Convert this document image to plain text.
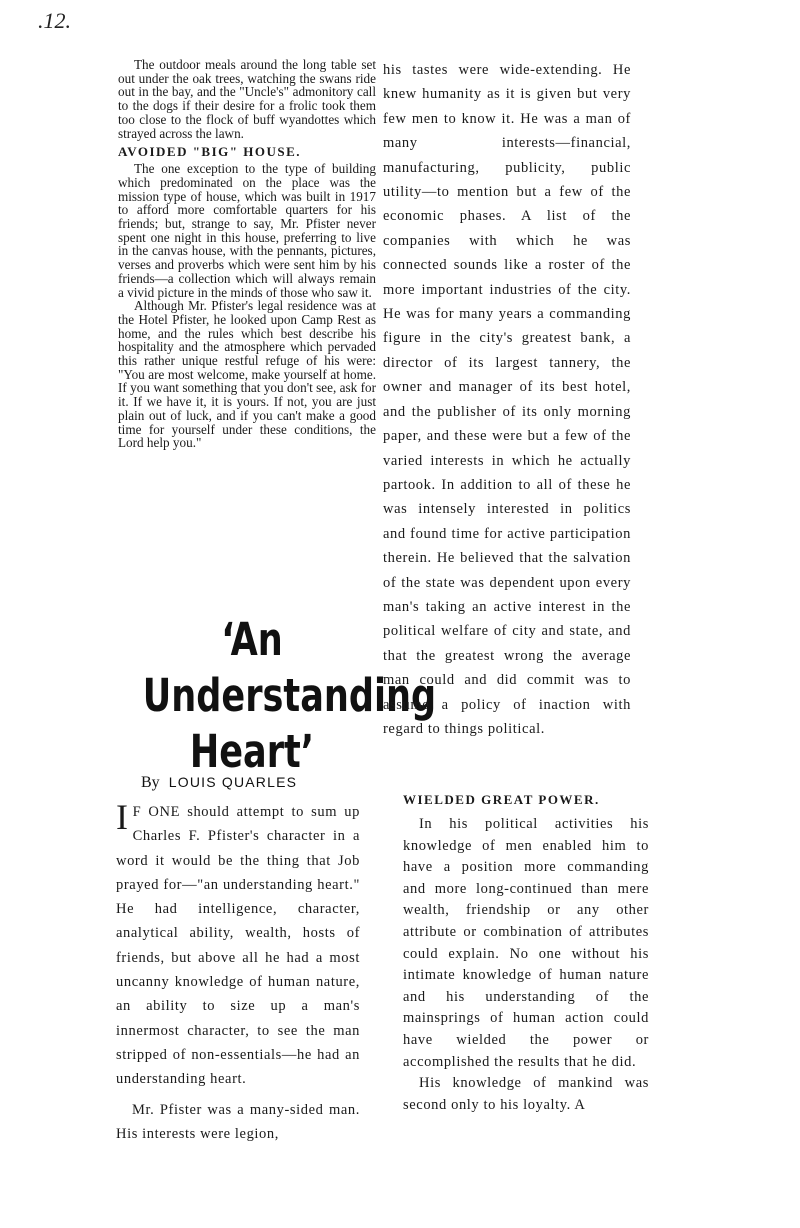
.12.

The outdoor meals around the long table set out under the oak trees, watching the swans ride out in the bay, and the "Uncle's" admonitory call to the dogs if their desire for a frolic took them too close to the flock of buff wyandottes which strayed across the lawn.

AVOIDED "BIG" HOUSE.

The one exception to the type of building which predominated on the place was the mission type of house, which was built in 1917 to afford more comfortable quarters for his friends; but, strange to say, Mr. Pfister never spent one night in this house, preferring to live in the canvas house, with the pennants, pictures, verses and proverbs which were sent him by his friends—a collection which will always remain a vivid picture in the minds of those who saw it.

Although Mr. Pfister's legal residence was at the Hotel Pfister, he looked upon Camp Rest as home, and the rules which best describe his hospitality and the atmosphere which pervaded this rather unique restful refuge of his were: "You are most welcome, make yourself at home. If you want something that you don't see, ask for it. If we have it, it is yours. If not, you are just plain out of luck, and if you can't make a good time for yourself under these conditions, the Lord help you."

‘An
Understanding
Heart’
By LOUIS QUARLES

his tastes were wide-extending. He knew humanity as it is given but very few men to know it. He was a man of many interests—financial, manufacturing, publicity, public utility—to mention but a few of the economic phases. A list of the companies with which he was connected sounds like a roster of the more important industries of the city. He was for many years a commanding figure in the city's greatest bank, a director of its largest tannery, the owner and manager of its best hotel, and the publisher of its only morning paper, and these were but a few of the varied interests in which he actually partook. In addition to all of these he was intensely interested in politics and found time for active participation therein. He believed that the salvation of the state was dependent upon every man's taking an active interest in the political welfare of city and state, and that the greatest wrong the average man could and did commit was to assume a policy of inaction with regard to things political.

I F ONE should attempt to sum up Charles F. Pfister's character in a word it would be the thing that Job prayed for—"an understanding heart." He had intelligence, character, analytical ability, wealth, hosts of friends, but above all he had a most uncanny knowledge of human nature, an ability to size up a man's innermost character, to see the man stripped of non-essentials—he had an understanding heart.

Mr. Pfister was a many-sided man. His interests were legion,

WIELDED GREAT POWER.

In his political activities his knowledge of men enabled him to have a position more commanding and more long-continued than mere wealth, friendship or any other attribute or combination of attributes could explain. No one without his intimate knowledge of human nature and his understanding of the mainsprings of human action could have wielded the power or accomplished the results that he did.

His knowledge of mankind was second only to his loyalty. A
